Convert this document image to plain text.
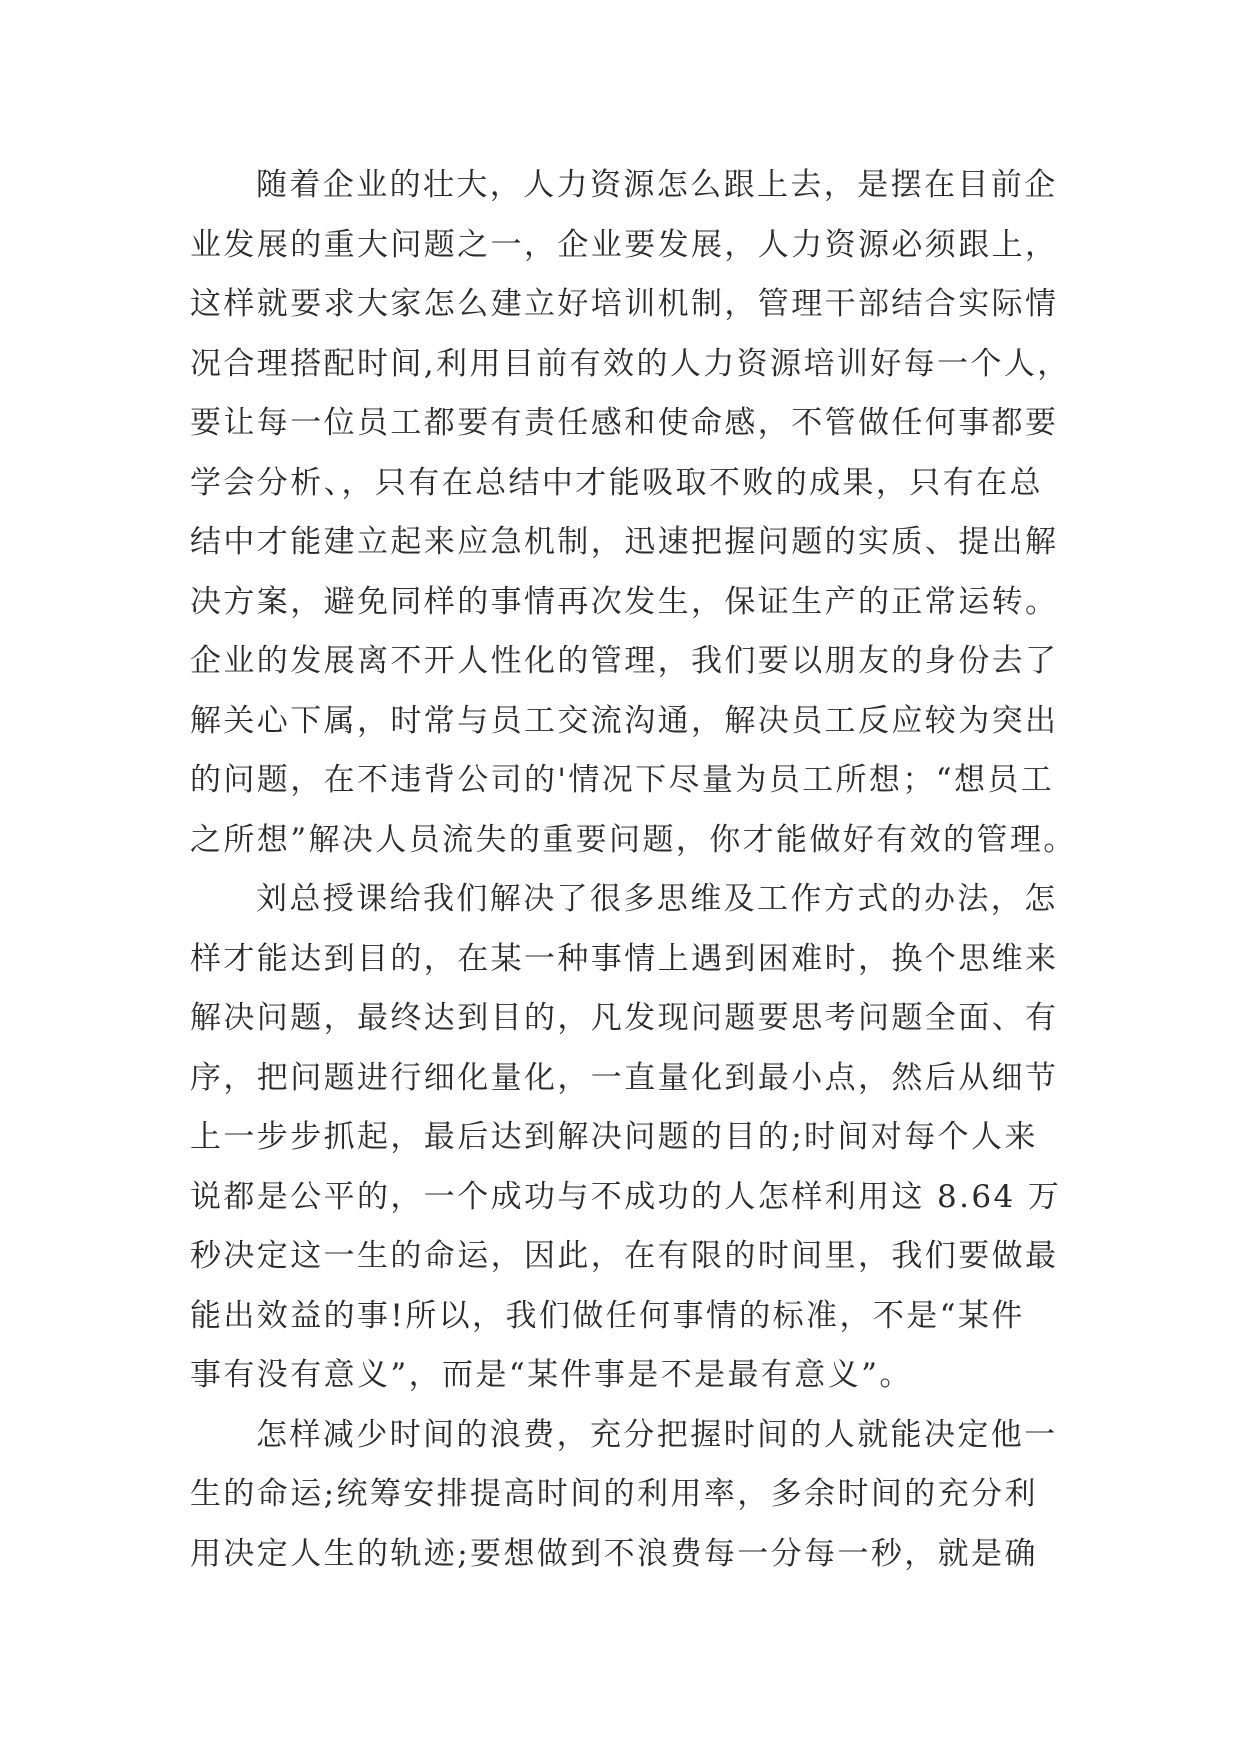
随着企业的壮大，人力资源怎么跟上去，是摆在目前企
业发展的重大问题之一，企业要发展，人力资源必须跟上，
这样就要求大家怎么建立好培训机制，管理干部结合实际情
况合理搭配时间,利用目前有效的人力资源培训好每一个人，
要让每一位员工都要有责任感和使命感，不管做任何事都要
学会分析、，只有在总结中才能吸取不败的成果，只有在总
结中才能建立起来应急机制，迅速把握问题的实质、提出解
决方案，避免同样的事情再次发生，保证生产的正常运转。
企业的发展离不开人性化的管理，我们要以朋友的身份去了
解关心下属，时常与员工交流沟通，解决员工反应较为突出
的问题，在不违背公司的'情况下尽量为员工所想；“想员工
之所想”解决人员流失的重要问题，你才能做好有效的管理。
刘总授课给我们解决了很多思维及工作方式的办法，怎
样才能达到目的，在某一种事情上遇到困难时，换个思维来
解决问题，最终达到目的，凡发现问题要思考问题全面、有
序，把问题进行细化量化，一直量化到最小点，然后从细节
上一步步抓起，最后达到解决问题的目的;时间对每个人来
说都是公平的，一个成功与不成功的人怎样利用这 8.64 万
秒决定这一生的命运，因此，在有限的时间里，我们要做最
能出效益的事!所以，我们做任何事情的标准，不是“某件
事有没有意义”，而是“某件事是不是最有意义”。
怎样减少时间的浪费，充分把握时间的人就能决定他一
生的命运;统筹安排提高时间的利用率，多余时间的充分利
用决定人生的轨迹;要想做到不浪费每一分每一秒，就是确
